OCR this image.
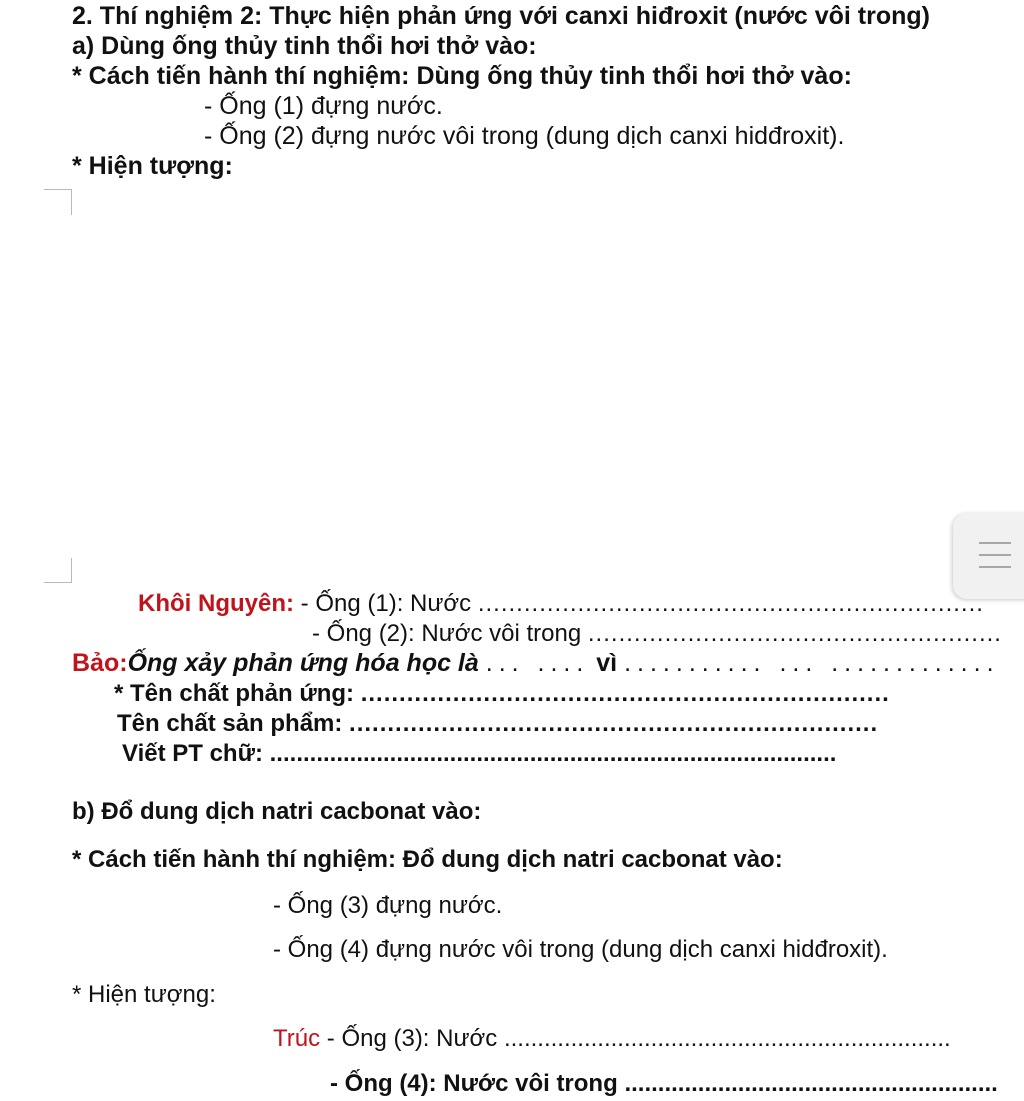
2. Thí nghiệm 2: Thực hiện phản ứng với canxi hiđroxit (nước vôi trong)
a) Dùng ống thủy tinh thổi hơi thở vào:
* Cách tiến hành thí nghiệm: Dùng ống thủy tinh thổi hơi thở vào:
- Ống (1) đựng nước.
- Ống (2) đựng nước vôi trong (dung dịch canxi hidđroxit).
* Hiện tượng:
Khôi Nguyên: - Ống (1): Nước ..................................................................
- Ống (2): Nước vôi trong ......................................................
Bảo:Ống xảy phản ứng hóa học là ... .... vì ........... ... .............
* Tên chất phản ứng: .....................................................................
Tên chất sản phẩm: .....................................................................
Viết PT chữ: .....................................................................................
b) Đổ dung dịch natri cacbonat vào:
* Cách tiến hành thí nghiệm: Đổ dung dịch natri cacbonat vào:
- Ống (3) đựng nước.
- Ống (4) đựng nước vôi trong (dung dịch canxi hidđroxit).
* Hiện tượng:
Trúc - Ống (3): Nước ...................................................................
- Ống (4): Nước vôi trong ........................................................
